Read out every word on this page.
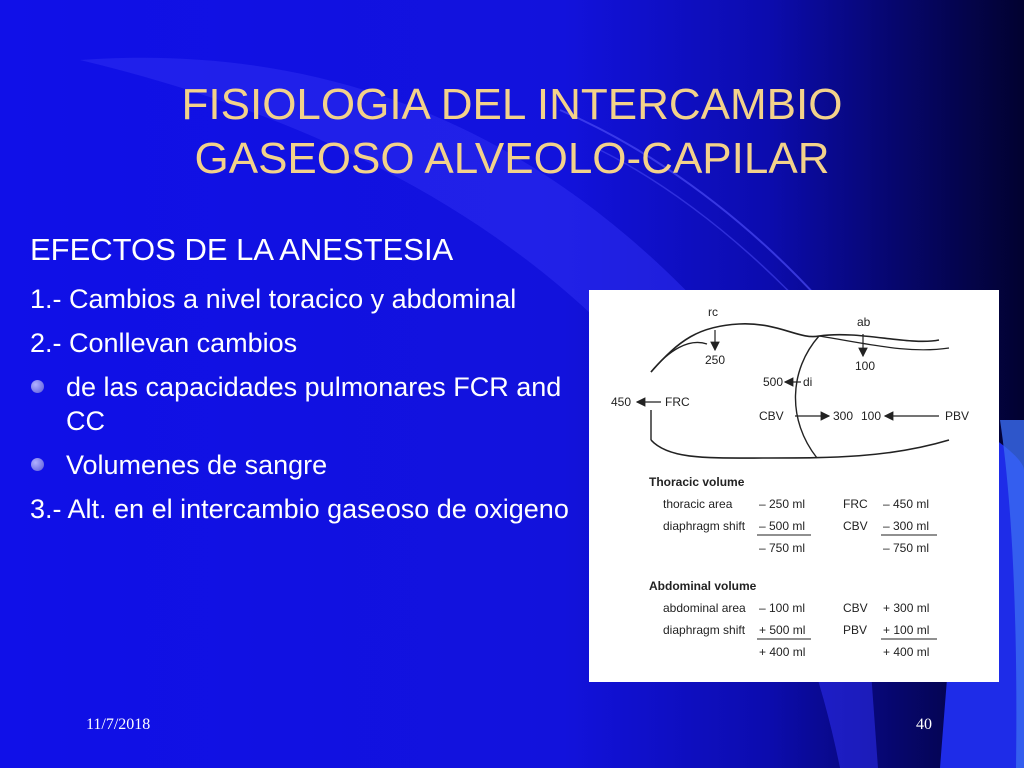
FISIOLOGIA DEL INTERCAMBIO
GASEOSO ALVEOLO-CAPILAR
EFECTOS DE LA ANESTESIA
1.- Cambios a nivel toracico y abdominal
2.- Conllevan cambios
de las capacidades pulmonares FCR and CC
Volumenes de sangre
3.- Alt. en el intercambio gaseoso de oxigeno
rc
ab
250	100
500 di
450	FRC
CBV	300 100	PBV
Thoracic volume
thoracic area – 250 ml	FRC – 450 ml
diaphragm shift – 500 ml	CBV – 300 ml
– 750 ml	– 750 ml
Abdominal volume
abdominal area – 100 ml	CBV + 300 ml
diaphragm shift + 500 ml	PBV + 100 ml
+ 400 ml	+ 400 ml
11/7/2018	40
